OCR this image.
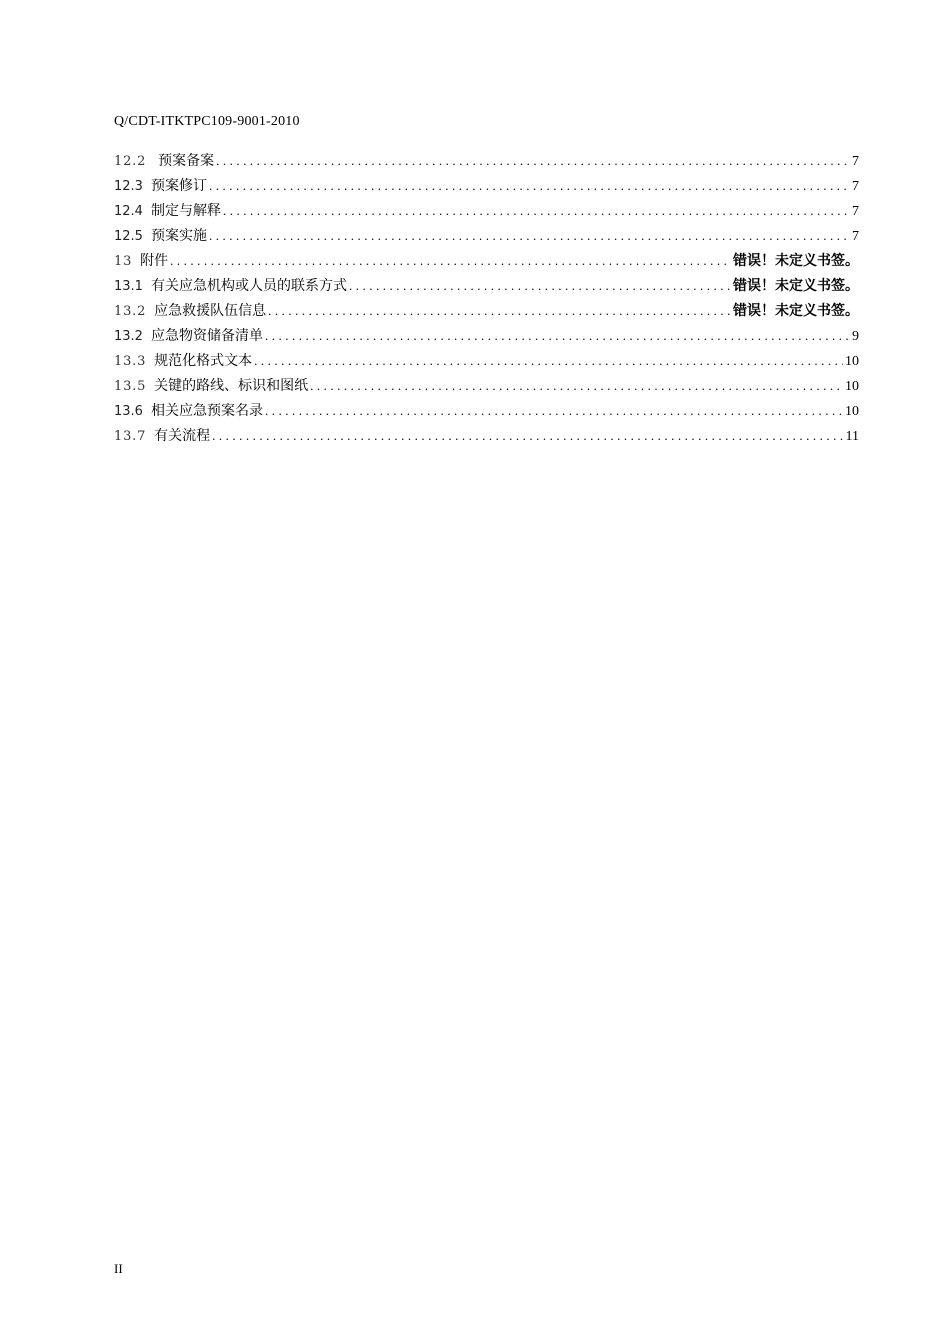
Q/CDT-ITKTPC109-9001-2010
12.2 预案备案 .....	7
12.3 预案修订 .....	7
12.4 制定与解释 .....	7
12.5 预案实施 .....	7
13 附件 .....	错误！未定义书签。
13.1 有关应急机构或人员的联系方式 .....	错误！未定义书签。
13.2 应急救援队伍信息 .....	错误！未定义书签。
13.2 应急物资储备清单 .....	9
13.3 规范化格式文本 .....	10
13.5 关键的路线、标识和图纸 .....	10
13.6 相关应急预案名录 .....	10
13.7 有关流程 .....	11
II
